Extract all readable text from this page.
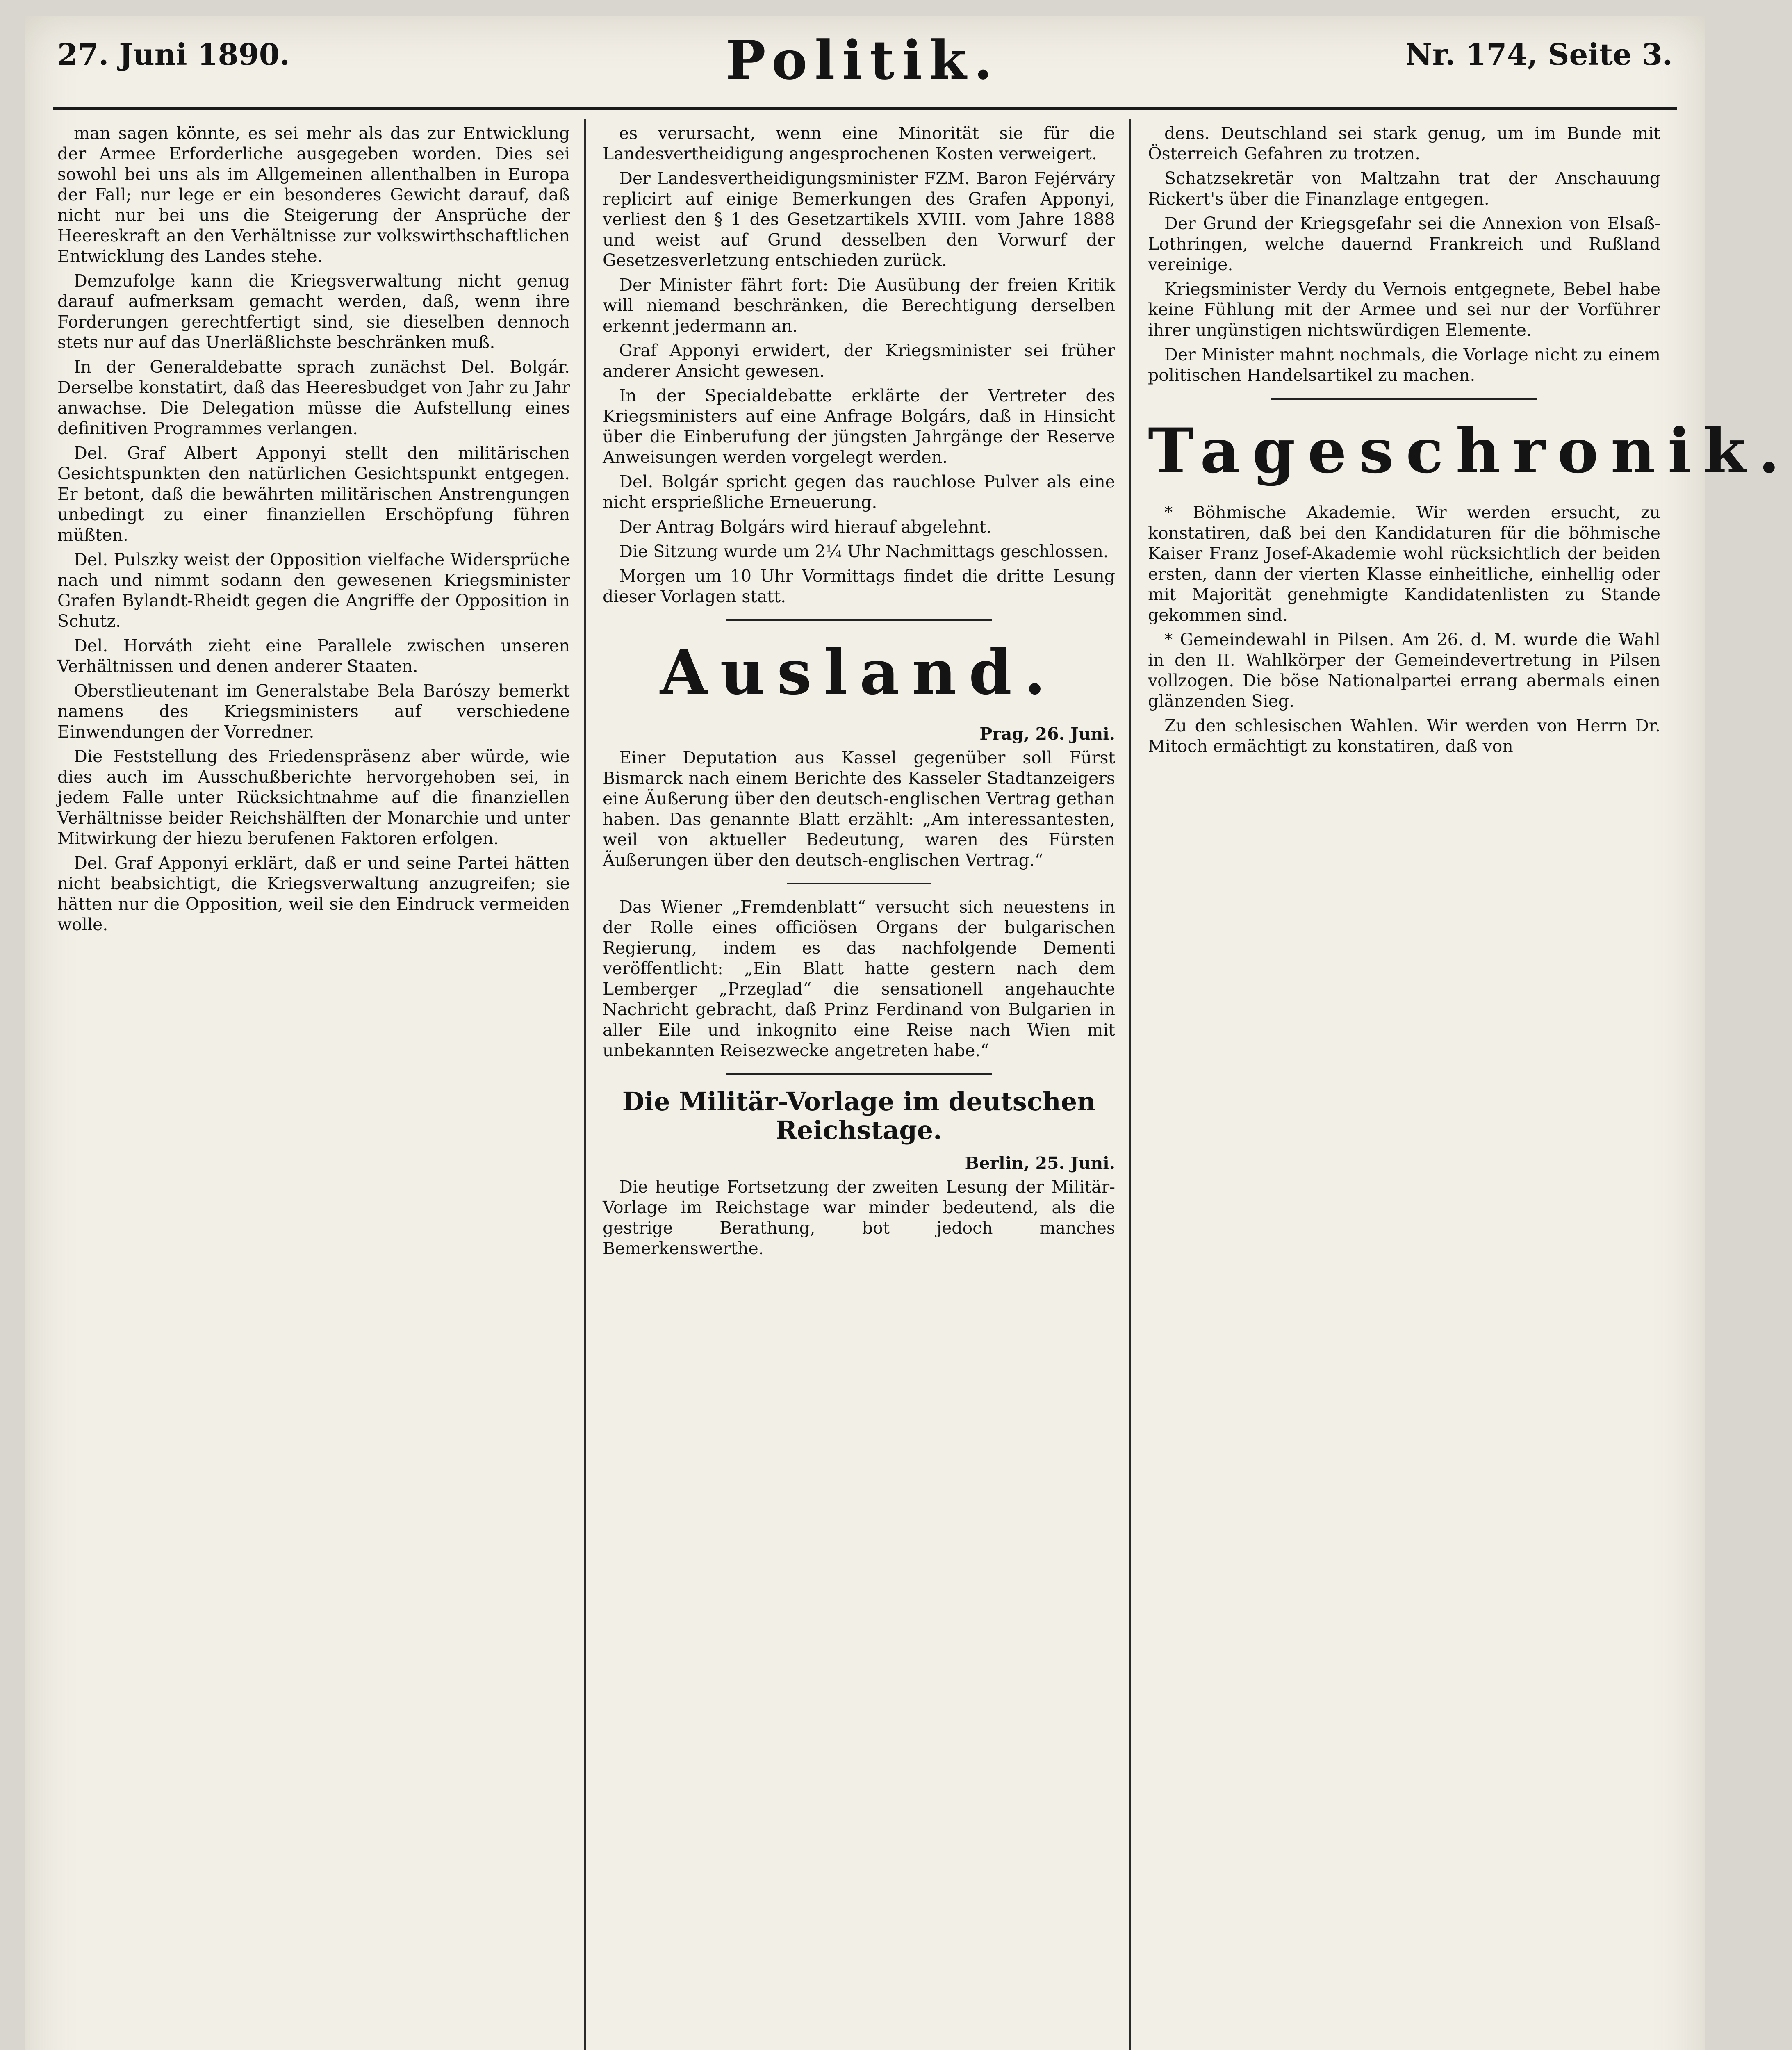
27. Juni 1890.	Politik.	Nr. 174, Seite 3.

man sagen könnte, es sei mehr als das zur Entwicklung der Armee Erforderliche ausgegeben worden. Dies sei sowohl bei uns als im Allgemeinen allenthalben in Europa der Fall; nur lege er ein besonderes Gewicht darauf, daß nicht nur bei uns die Steigerung der Ansprüche der Heereskraft an den Verhältnisse zur volkswirthschaftlichen Entwicklung des Landes stehe.

Demzufolge kann die Kriegsverwaltung nicht genug darauf aufmerksam gemacht werden, daß, wenn ihre Forderungen gerechtfertigt sind, sie dieselben dennoch stets nur auf das Unerläßlichste beschränken muß.

In der Generaldebatte sprach zunächst Del. Bolgár. Derselbe konstatirt, daß das Heeresbudget von Jahr zu Jahr anwachse. Die Delegation müsse die Aufstellung eines definitiven Programmes verlangen.

Del. Graf Albert Apponyi stellt den militärischen Gesichtspunkten den natürlichen Gesichtspunkt entgegen. Er betont, daß die bewährten militärischen Anstrengungen unbedingt zu einer finanziellen Erschöpfung führen müßten.

Del. Pulszky weist der Opposition vielfache Widersprüche nach und nimmt sodann den gewesenen Kriegsminister Grafen Bylandt-Rheidt gegen die Angriffe der Opposition in Schutz.

Del. Horváth zieht eine Parallele zwischen unseren Verhältnissen und denen anderer Staaten.

Oberstlieutenant im Generalstabe Bela Barószy bemerkt namens des Kriegsministers auf verschiedene Einwendungen der Vorredner.

Die Feststellung des Friedenspräsenz aber würde, wie dies auch im Ausschußberichte hervorgehoben sei, in jedem Falle unter Rücksichtnahme auf die finanziellen Verhältnisse beider Reichshälften der Monarchie und unter Mitwirkung der hiezu berufenen Faktoren erfolgen.

Del. Graf Apponyi erklärt, daß er und seine Partei hätten nicht beabsichtigt, die Kriegsverwaltung anzugreifen; sie hätten nur die Opposition, weil sie den Eindruck vermeiden wolle.

es verursacht, wenn eine Minorität sie für die Landesvertheidigung angesprochenen Kosten verweigert.

Der Landesvertheidigungsminister FZM. Baron Fejérváry replicirt auf einige Bemerkungen des Grafen Apponyi, verliest den § 1 des Gesetzartikels XVIII. vom Jahre 1888 und weist auf Grund desselben den Vorwurf der Gesetzesverletzung entschieden zurück.

Der Minister fährt fort: Die Ausübung der freien Kritik will niemand beschränken, die Berechtigung derselben erkennt jedermann an.

Graf Apponyi erwidert, der Kriegsminister sei früher anderer Ansicht gewesen.

In der Specialdebatte erklärte der Vertreter des Kriegsministers auf eine Anfrage Bolgárs, daß in Hinsicht über die Einberufung der jüngsten Jahrgänge der Reserve Anweisungen werden vorgelegt werden.

Del. Bolgár spricht gegen das rauchlose Pulver als eine nicht ersprießliche Erneuerung.

Der Antrag Bolgárs wird hierauf abgelehnt.

Die Sitzung wurde um 2¼ Uhr Nachmittags geschlossen.

Morgen um 10 Uhr Vormittags findet die dritte Lesung dieser Vorlagen statt.

Ausland.
Prag, 26. Juni.

Einer Deputation aus Kassel gegenüber soll Fürst Bismarck nach einem Berichte des Kasseler Stadtanzeigers eine Äußerung über den deutsch-englischen Vertrag gethan haben. Das genannte Blatt erzählt: „Am interessantesten, weil von aktueller Bedeutung, waren des Fürsten Äußerungen über den deutsch-englischen Vertrag.“

Das Wiener „Fremdenblatt“ versucht sich neuestens in der Rolle eines officiösen Organs der bulgarischen Regierung, indem es das nachfolgende Dementi veröffentlicht: „Ein Blatt hatte gestern nach dem Lemberger „Przeglad“ die sensationell angehauchte Nachricht gebracht, daß Prinz Ferdinand von Bulgarien in aller Eile und inkognito eine Reise nach Wien mit unbekannten Reisezwecke angetreten habe.“

Die Militär-Vorlage im deutschen Reichstage.
Berlin, 25. Juni.

Die heutige Fortsetzung der zweiten Lesung der Militär-Vorlage im Reichstage war minder bedeutend, als die gestrige Berathung, bot jedoch manches Bemerkenswerthe.

dens. Deutschland sei stark genug, um im Bunde mit Österreich Gefahren zu trotzen.

Schatzsekretär von Maltzahn trat der Anschauung Rickert's über die Finanzlage entgegen.

Der Grund der Kriegsgefahr sei die Annexion von Elsaß-Lothringen, welche dauernd Frankreich und Rußland vereinige.

Kriegsminister Verdy du Vernois entgegnete, Bebel habe keine Fühlung mit der Armee und sei nur der Vorführer ihrer ungünstigen nichtswürdigen Elemente.

Der Minister mahnt nochmals, die Vorlage nicht zu einem politischen Handelsartikel zu machen.

Tageschronik.

* Böhmische Akademie. Wir werden ersucht, zu konstatiren, daß bei den Kandidaturen für die böhmische Kaiser Franz Josef-Akademie wohl rücksichtlich der beiden ersten, dann der vierten Klasse einheitliche, einhellig oder mit Majorität genehmigte Kandidatenlisten zu Stande gekommen sind.

* Gemeindewahl in Pilsen. Am 26. d. M. wurde die Wahl in den II. Wahlkörper der Gemeindevertretung in Pilsen vollzogen. Die böse Nationalpartei errang abermals einen glänzenden Sieg.

Zu den schlesischen Wahlen. Wir werden von Herrn Dr. Mitoch ermächtigt zu konstatiren, daß von
